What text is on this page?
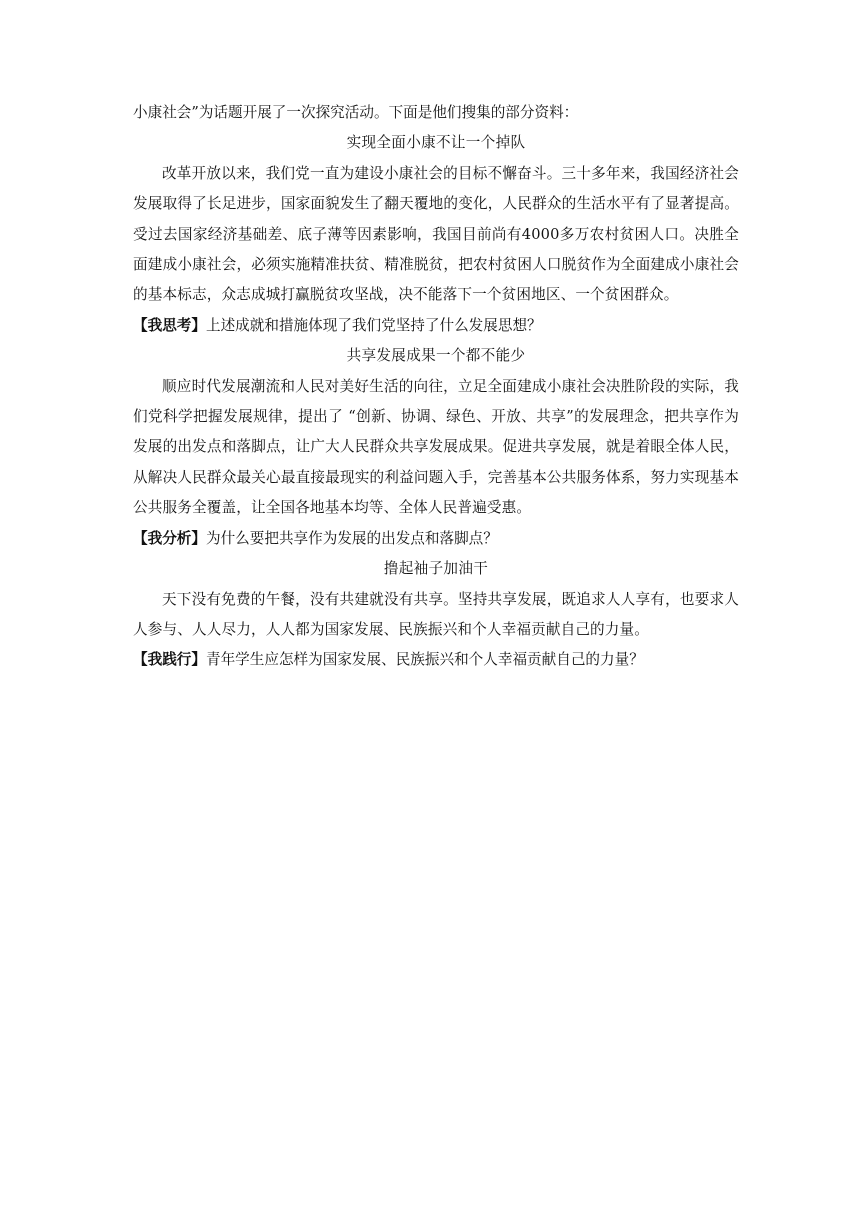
小康社会”为话题开展了一次探究活动。下面是他们搜集的部分资料：

实现全面小康不让一个掉队

改革开放以来，我们党一直为建设小康社会的目标不懈奋斗。三十多年来，我国经济社会发展取得了长足进步，国家面貌发生了翻天覆地的变化，人民群众的生活水平有了显著提高。受过去国家经济基础差、底子薄等因素影响，我国目前尚有4000多万农村贫困人口。决胜全面建成小康社会，必须实施精准扶贫、精准脱贫，把农村贫困人口脱贫作为全面建成小康社会的基本标志，众志成城打赢脱贫攻坚战，决不能落下一个贫困地区、一个贫困群众。

【我思考】上述成就和措施体现了我们党坚持了什么发展思想？

共享发展成果一个都不能少

顺应时代发展潮流和人民对美好生活的向往，立足全面建成小康社会决胜阶段的实际，我们党科学把握发展规律，提出了 “创新、协调、绿色、开放、共享”的发展理念，把共享作为发展的出发点和落脚点，让广大人民群众共享发展成果。促进共享发展，就是着眼全体人民，从解决人民群众最关心最直接最现实的利益问题入手，完善基本公共服务体系，努力实现基本公共服务全覆盖，让全国各地基本均等、全体人民普遍受惠。

【我分析】为什么要把共享作为发展的出发点和落脚点？

撸起袖子加油干

天下没有免费的午餐，没有共建就没有共享。坚持共享发展，既追求人人享有，也要求人人参与、人人尽力，人人都为国家发展、民族振兴和个人幸福贡献自己的力量。

【我践行】青年学生应怎样为国家发展、民族振兴和个人幸福贡献自己的力量？
